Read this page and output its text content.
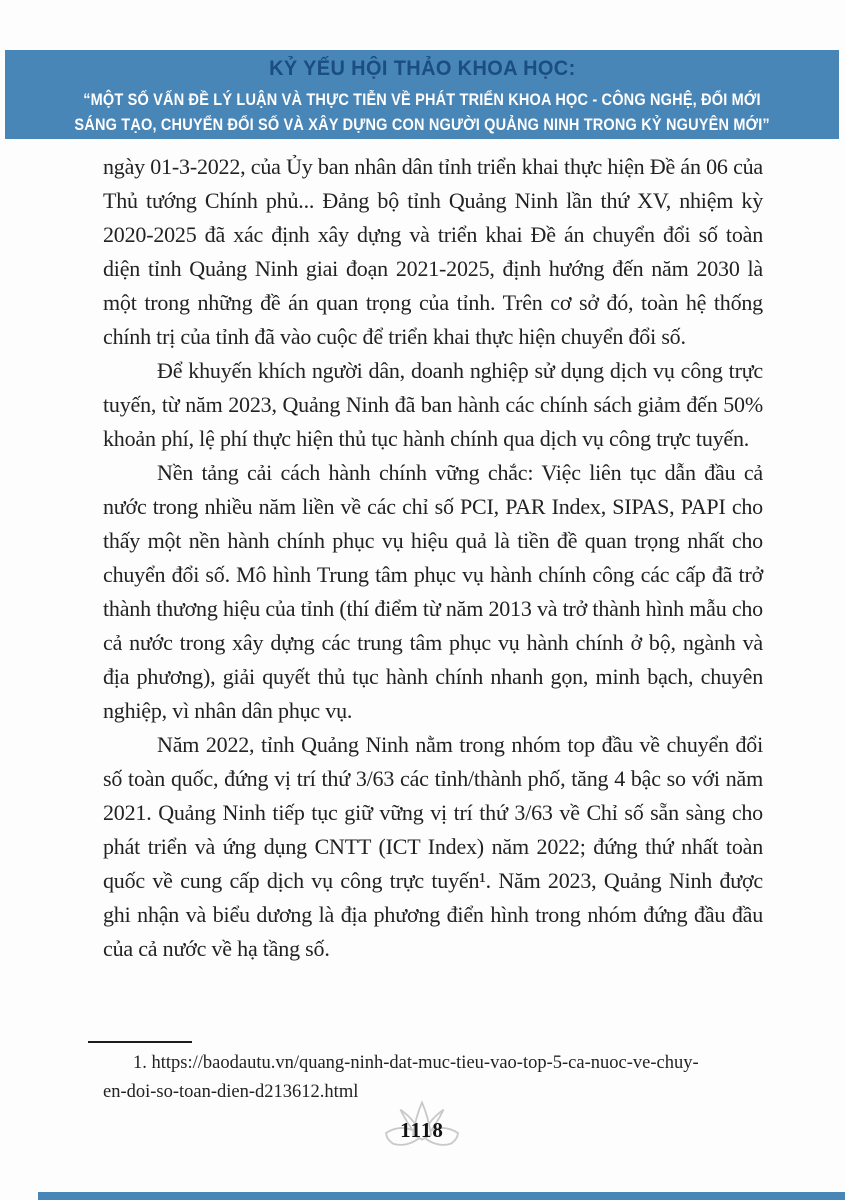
KỶ YẾU HỘI THẢO KHOA HỌC:
“MỘT SỐ VẤN ĐỀ LÝ LUẬN VÀ THỰC TIỄN VỀ PHÁT TRIỂN KHOA HỌC - CÔNG NGHỆ, ĐỔI MỚI
SÁNG TẠO, CHUYỂN ĐỔI SỐ VÀ XÂY DỰNG CON NGƯỜI QUẢNG NINH TRONG KỶ NGUYÊN MỚI”

ngày 01-3-2022, của Ủy ban nhân dân tỉnh triển khai thực hiện Đề án 06 của Thủ tướng Chính phủ... Đảng bộ tỉnh Quảng Ninh lần thứ XV, nhiệm kỳ 2020-2025 đã xác định xây dựng và triển khai Đề án chuyển đổi số toàn diện tỉnh Quảng Ninh giai đoạn 2021-2025, định hướng đến năm 2030 là một trong những đề án quan trọng của tỉnh. Trên cơ sở đó, toàn hệ thống chính trị của tỉnh đã vào cuộc để triển khai thực hiện chuyển đổi số.

Để khuyến khích người dân, doanh nghiệp sử dụng dịch vụ công trực tuyến, từ năm 2023, Quảng Ninh đã ban hành các chính sách giảm đến 50% khoản phí, lệ phí thực hiện thủ tục hành chính qua dịch vụ công trực tuyến.

Nền tảng cải cách hành chính vững chắc: Việc liên tục dẫn đầu cả nước trong nhiều năm liền về các chỉ số PCI, PAR Index, SIPAS, PAPI cho thấy một nền hành chính phục vụ hiệu quả là tiền đề quan trọng nhất cho chuyển đổi số. Mô hình Trung tâm phục vụ hành chính công các cấp đã trở thành thương hiệu của tỉnh (thí điểm từ năm 2013 và trở thành hình mẫu cho cả nước trong xây dựng các trung tâm phục vụ hành chính ở bộ, ngành và địa phương), giải quyết thủ tục hành chính nhanh gọn, minh bạch, chuyên nghiệp, vì nhân dân phục vụ.

Năm 2022, tỉnh Quảng Ninh nằm trong nhóm top đầu về chuyển đổi số toàn quốc, đứng vị trí thứ 3/63 các tỉnh/thành phố, tăng 4 bậc so với năm 2021. Quảng Ninh tiếp tục giữ vững vị trí thứ 3/63 về Chỉ số sẵn sàng cho phát triển và ứng dụng CNTT (ICT Index) năm 2022; đứng thứ nhất toàn quốc về cung cấp dịch vụ công trực tuyến¹. Năm 2023, Quảng Ninh được ghi nhận và biểu dương là địa phương điển hình trong nhóm đứng đầu đầu của cả nước về hạ tầng số.

1. https://baodautu.vn/quang-ninh-dat-muc-tieu-vao-top-5-ca-nuoc-ve-chuy-
en-doi-so-toan-dien-d213612.html
1118
